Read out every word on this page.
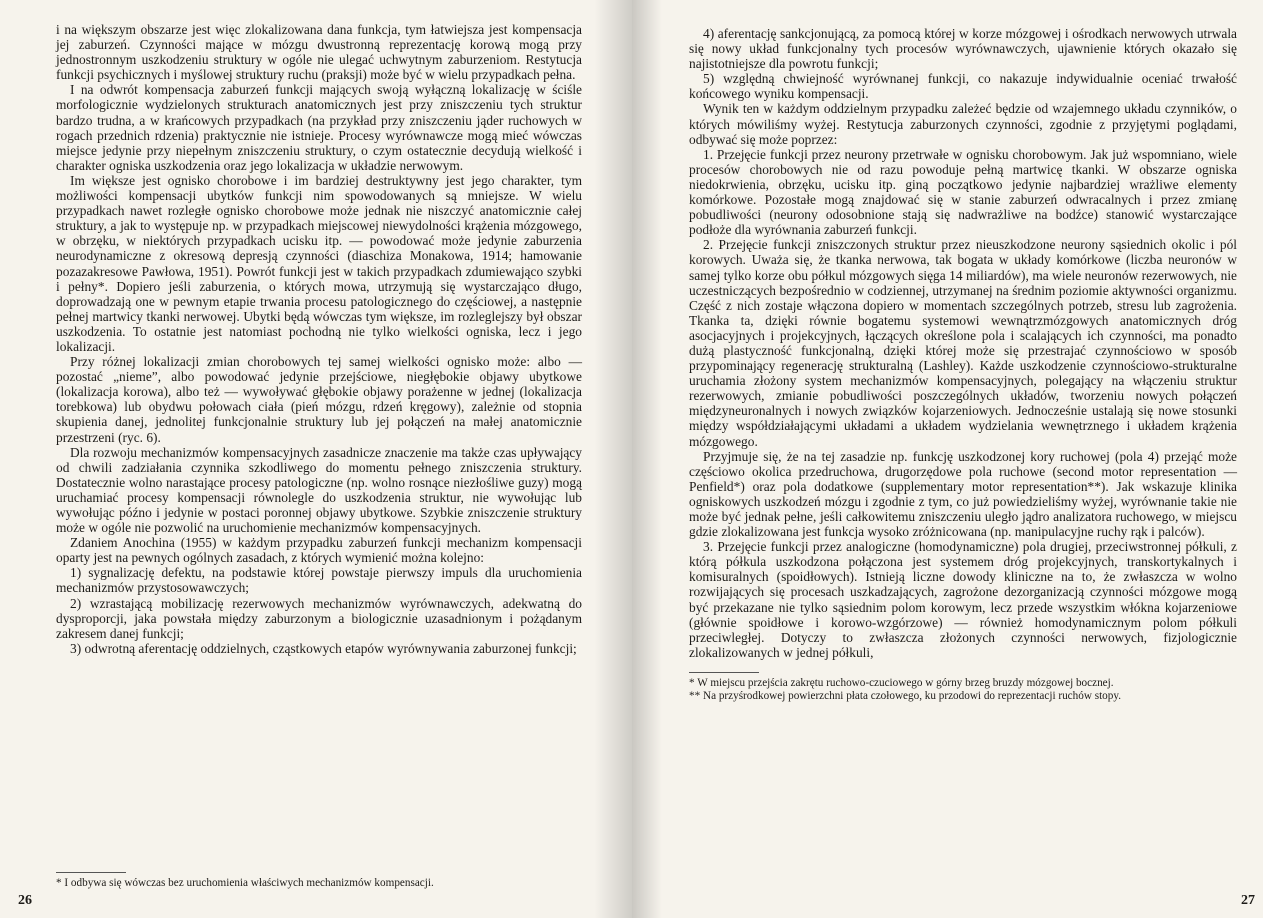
i na większym obszarze jest więc zlokalizowana dana funkcja, tym łatwiejsza jest kompensacja jej zaburzeń. Czynności mające w mózgu dwustronną reprezentację korową mogą przy jednostronnym uszkodzeniu struktury w ogóle nie ulegać uchwytnym zaburzeniom. Restytucja funkcji psychicznych i myślowej struktury ruchu (praksji) może być w wielu przypadkach pełna.

I na odwrót kompensacja zaburzeń funkcji mających swoją wyłączną lokalizację w ściśle morfologicznie wydzielonych strukturach anatomicznych jest przy zniszczeniu tych struktur bardzo trudna, a w krańcowych przypadkach (na przykład przy zniszczeniu jąder ruchowych w rogach przednich rdzenia) praktycznie nie istnieje. Procesy wyrównawcze mogą mieć wówczas miejsce jedynie przy niepełnym zniszczeniu struktury, o czym ostatecznie decydują wielkość i charakter ogniska uszkodzenia oraz jego lokalizacja w układzie nerwowym.

Im większe jest ognisko chorobowe i im bardziej destruktywny jest jego charakter, tym możliwości kompensacji ubytków funkcji nim spowodowanych są mniejsze. W wielu przypadkach nawet rozległe ognisko chorobowe może jednak nie niszczyć anatomicznie całej struktury, a jak to występuje np. w przypadkach miejscowej niewydolności krążenia mózgowego, w obrzęku, w niektórych przypadkach ucisku itp. — powodować może jedynie zaburzenia neurodynamiczne z okresową depresją czynności (diaschiza Monakowa, 1914; hamowanie pozazakresowe Pawłowa, 1951). Powrót funkcji jest w takich przypadkach zdumiewająco szybki i pełny*. Dopiero jeśli zaburzenia, o których mowa, utrzymują się wystarczająco długo, doprowadzają one w pewnym etapie trwania procesu patologicznego do częściowej, a następnie pełnej martwicy tkanki nerwowej. Ubytki będą wówczas tym większe, im rozleglejszy był obszar uszkodzenia. To ostatnie jest natomiast pochodną nie tylko wielkości ogniska, lecz i jego lokalizacji.

Przy różnej lokalizacji zmian chorobowych tej samej wielkości ognisko może: albo — pozostać „nieme”, albo powodować jedynie przejściowe, niegłębokie objawy ubytkowe (lokalizacja korowa), albo też — wywoływać głębokie objawy porażenne w jednej (lokalizacja torebkowa) lub obydwu połowach ciała (pień mózgu, rdzeń kręgowy), zależnie od stopnia skupienia danej, jednolitej funkcjonalnie struktury lub jej połączeń na małej anatomicznie przestrzeni (ryc. 6).

Dla rozwoju mechanizmów kompensacyjnych zasadnicze znaczenie ma także czas upływający od chwili zadziałania czynnika szkodliwego do momentu pełnego zniszczenia struktury. Dostatecznie wolno narastające procesy patologiczne (np. wolno rosnące niezłośliwe guzy) mogą uruchamiać procesy kompensacji równolegle do uszkodzenia struktur, nie wywołując lub wywołując późno i jedynie w postaci poronnej objawy ubytkowe. Szybkie zniszczenie struktury może w ogóle nie pozwolić na uruchomienie mechanizmów kompensacyjnych.

Zdaniem Anochina (1955) w każdym przypadku zaburzeń funkcji mechanizm kompensacji oparty jest na pewnych ogólnych zasadach, z których wymienić można kolejno:

1) sygnalizację defektu, na podstawie której powstaje pierwszy impuls dla uruchomienia mechanizmów przystosowawczych;

2) wzrastającą mobilizację rezerwowych mechanizmów wyrównawczych, adekwatną do dysproporcji, jaka powstała między zaburzonym a biologicznie uzasadnionym i pożądanym zakresem danej funkcji;

3) odwrotną aferentację oddzielnych, cząstkowych etapów wyrównywania zaburzonej funkcji;

* I odbywa się wówczas bez uruchomienia właściwych mechanizmów kompensacji.

26

4) aferentację sankcjonującą, za pomocą której w korze mózgowej i ośrodkach nerwowych utrwala się nowy układ funkcjonalny tych procesów wyrównawczych, ujawnienie których okazało się najistotniejsze dla powrotu funkcji;

5) względną chwiejność wyrównanej funkcji, co nakazuje indywidualnie oceniać trwałość końcowego wyniku kompensacji.

Wynik ten w każdym oddzielnym przypadku zależeć będzie od wzajemnego układu czynników, o których mówiliśmy wyżej. Restytucja zaburzonych czynności, zgodnie z przyjętymi poglądami, odbywać się może poprzez:

1. Przejęcie funkcji przez neurony przetrwałe w ognisku chorobowym. Jak już wspomniano, wiele procesów chorobowych nie od razu powoduje pełną martwicę tkanki. W obszarze ogniska niedokrwienia, obrzęku, ucisku itp. giną początkowo jedynie najbardziej wrażliwe elementy komórkowe. Pozostałe mogą znajdować się w stanie zaburzeń odwracalnych i przez zmianę pobudliwości (neurony odosobnione stają się nadwrażliwe na bodźce) stanowić wystarczające podłoże dla wyrównania zaburzeń funkcji.

2. Przejęcie funkcji zniszczonych struktur przez nieuszkodzone neurony sąsiednich okolic i pól korowych. Uważa się, że tkanka nerwowa, tak bogata w układy komórkowe (liczba neuronów w samej tylko korze obu półkul mózgowych sięga 14 miliardów), ma wiele neuronów rezerwowych, nie uczestniczących bezpośrednio w codziennej, utrzymanej na średnim poziomie aktywności organizmu. Część z nich zostaje włączona dopiero w momentach szczególnych potrzeb, stresu lub zagrożenia. Tkanka ta, dzięki równie bogatemu systemowi wewnątrzmózgowych anatomicznych dróg asocjacyjnych i projekcyjnych, łączących określone pola i scalających ich czynności, ma ponadto dużą plastyczność funkcjonalną, dzięki której może się przestrajać czynnościowo w sposób przypominający regenerację strukturalną (Lashley). Każde uszkodzenie czynnościowo-strukturalne uruchamia złożony system mechanizmów kompensacyjnych, polegający na włączeniu struktur rezerwowych, zmianie pobudliwości poszczególnych układów, tworzeniu nowych połączeń międzyneuronalnych i nowych związków kojarzeniowych. Jednocześnie ustalają się nowe stosunki między współdziałającymi układami a układem wydzielania wewnętrznego i układem krążenia mózgowego.

Przyjmuje się, że na tej zasadzie np. funkcję uszkodzonej kory ruchowej (pola 4) przejąć może częściowo okolica przedruchowa, drugorzędowe pola ruchowe (second motor representation — Penfield*) oraz pola dodatkowe (supplementary motor representation**). Jak wskazuje klinika ogniskowych uszkodzeń mózgu i zgodnie z tym, co już powiedzieliśmy wyżej, wyrównanie takie nie może być jednak pełne, jeśli całkowitemu zniszczeniu uległo jądro analizatora ruchowego, w miejscu gdzie zlokalizowana jest funkcja wysoko zróżnicowana (np. manipulacyjne ruchy rąk i palców).

3. Przejęcie funkcji przez analogiczne (homodynamiczne) pola drugiej, przeciwstronnej półkuli, z którą półkula uszkodzona połączona jest systemem dróg projekcyjnych, transkortykalnych i komisuralnych (spoidłowych). Istnieją liczne dowody kliniczne na to, że zwłaszcza w wolno rozwijających się procesach uszkadzających, zagrożone dezorganizacją czynności mózgowe mogą być przekazane nie tylko sąsiednim polom korowym, lecz przede wszystkim włókna kojarzeniowe (głównie spoidłowe i korowo-wzgórzowe) — również homodynamicznym polom półkuli przeciwległej. Dotyczy to zwłaszcza złożonych czynności nerwowych, fizjologicznie zlokalizowanych w jednej półkuli,

* W miejscu przejścia zakrętu ruchowo-czuciowego w górny brzeg bruzdy mózgowej bocznej.

** Na przyśrodkowej powierzchni płata czołowego, ku przodowi do reprezentacji ruchów stopy.

27
